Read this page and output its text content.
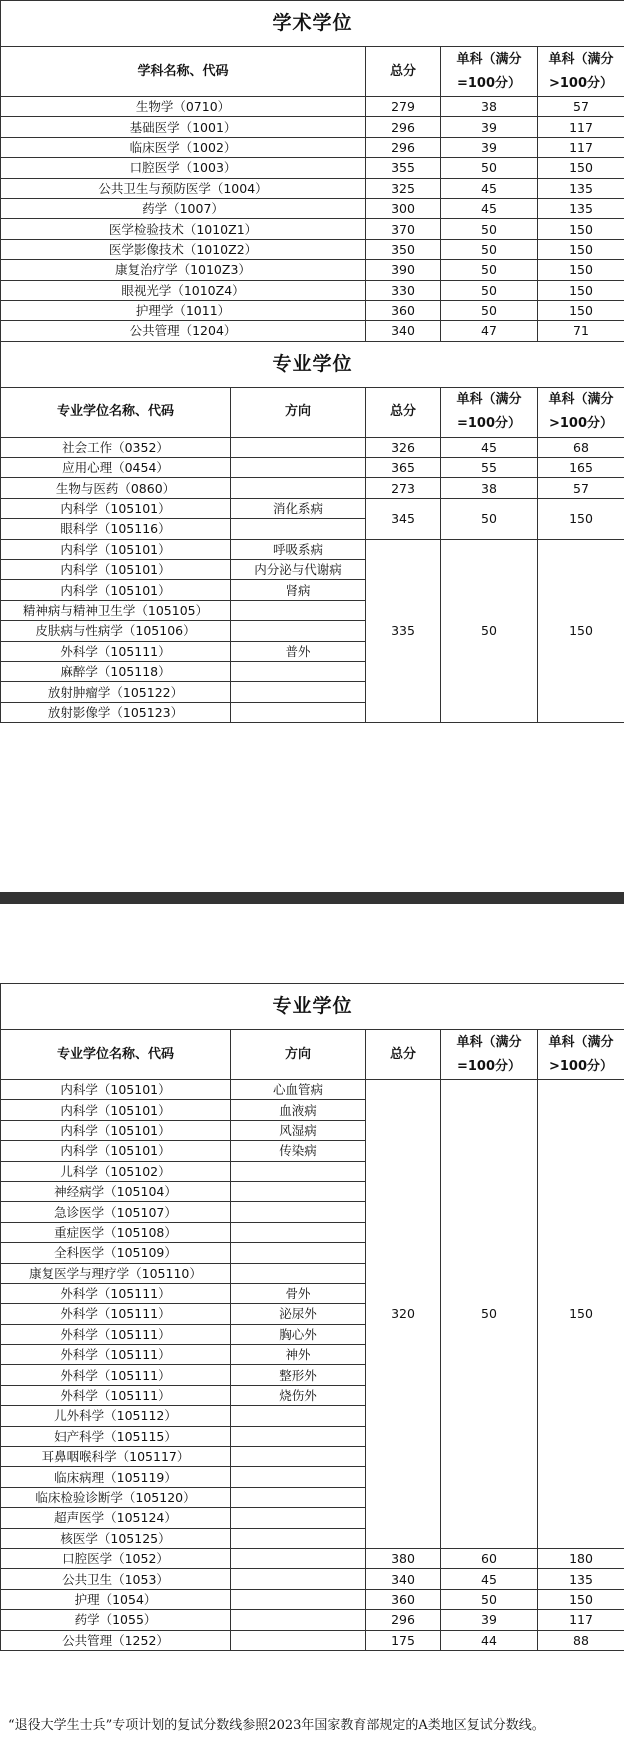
学术学位				
学科名称、代码		总分	单科（满分=100分）	单科（满分>100分）
生物学（0710）		279	38	57
基础医学（1001）		296	39	117
临床医学（1002）		296	39	117
口腔医学（1003）		355	50	150
公共卫生与预防医学（1004）		325	45	135
药学（1007）		300	45	135
医学检验技术（1010Z1）		370	50	150
医学影像技术（1010Z2）		350	50	150
康复治疗学（1010Z3）		390	50	150
眼视光学（1010Z4）		330	50	150
护理学（1011）		360	50	150
公共管理（1204）		340	47	71
专业学位				
专业学位名称、代码	方向	总分	单科（满分=100分）	单科（满分>100分）
社会工作（0352）		326	45	68
应用心理（0454）		365	55	165
生物与医药（0860）		273	38	57
内科学（105101）	消化系病	345	50	150
眼科学（105116）				
内科学（105101）	呼吸系病	335	50	150
内科学（105101）	内分泌与代谢病			
内科学（105101）	肾病			
精神病与精神卫生学（105105）				
皮肤病与性病学（105106）				
外科学（105111）	普外			
麻醉学（105118）				
放射肿瘤学（105122）				
放射影像学（105123）				
专业学位				
专业学位名称、代码	方向	总分	单科（满分=100分）	单科（满分>100分）
内科学（105101）	心血管病	320	50	150
内科学（105101）	血液病			
内科学（105101）	风湿病			
内科学（105101）	传染病			
儿科学（105102）				
神经病学（105104）				
急诊医学（105107）				
重症医学（105108）				
全科医学（105109）				
康复医学与理疗学（105110）				
外科学（105111）	骨外			
外科学（105111）	泌尿外			
外科学（105111）	胸心外			
外科学（105111）	神外			
外科学（105111）	整形外			
外科学（105111）	烧伤外			
儿外科学（105112）				
妇产科学（105115）				
耳鼻咽喉科学（105117）				
临床病理（105119）				
临床检验诊断学（105120）				
超声医学（105124）				
核医学（105125）				
口腔医学（1052）		380	60	180
公共卫生（1053）		340	45	135
护理（1054）		360	50	150
药学（1055）		296	39	117
公共管理（1252）		175	44	88
“退役大学生士兵”专项计划的复试分数线参照2023年国家教育部规定的A类地区复试分数线。
